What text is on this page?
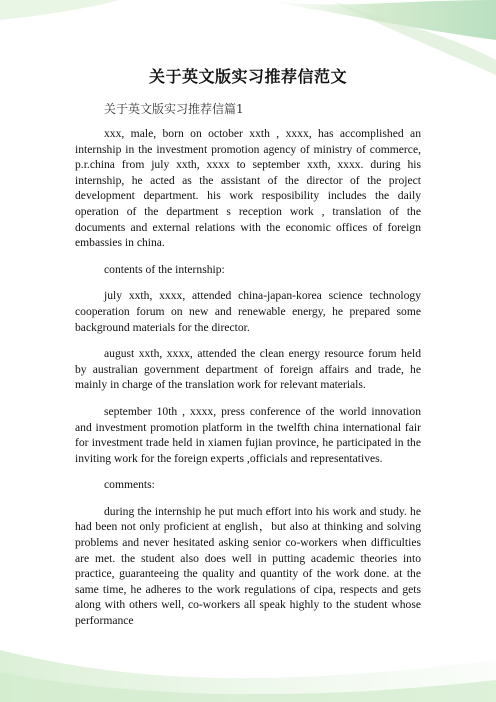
关于英文版实习推荐信范文
关于英文版实习推荐信篇1

xxx, male, born on october xxth , xxxx, has accomplished an internship in the investment promotion agency of ministry of commerce, p.r.china from july xxth, xxxx to september xxth, xxxx. during his internship, he acted as the assistant of the director of the project development department. his work resposibility includes the daily operation of the department s reception work , translation of the documents and external relations with the economic offices of foreign embassies in china.

contents of the internship:

july xxth, xxxx, attended china-japan-korea science technology cooperation forum on new and renewable energy, he prepared some background materials for the director.

august xxth, xxxx, attended the clean energy resource forum held by australian government department of foreign affairs and trade, he mainly in charge of the translation work for relevant materials.

september 10th , xxxx, press conference of the world innovation and investment promotion platform in the twelfth china international fair for investment trade held in xiamen fujian province, he participated in the inviting work for the foreign experts ,officials and representatives.

comments:

during the internship he put much effort into his work and study. he had been not only proficient at english，but also at thinking and solving problems and never hesitated asking senior co-workers when difficulties are met. the student also does well in putting academic theories into practice, guaranteeing the quality and quantity of the work done. at the same time, he adheres to the work regulations of cipa, respects and gets along with others well, co-workers all speak highly to the student whose performance
